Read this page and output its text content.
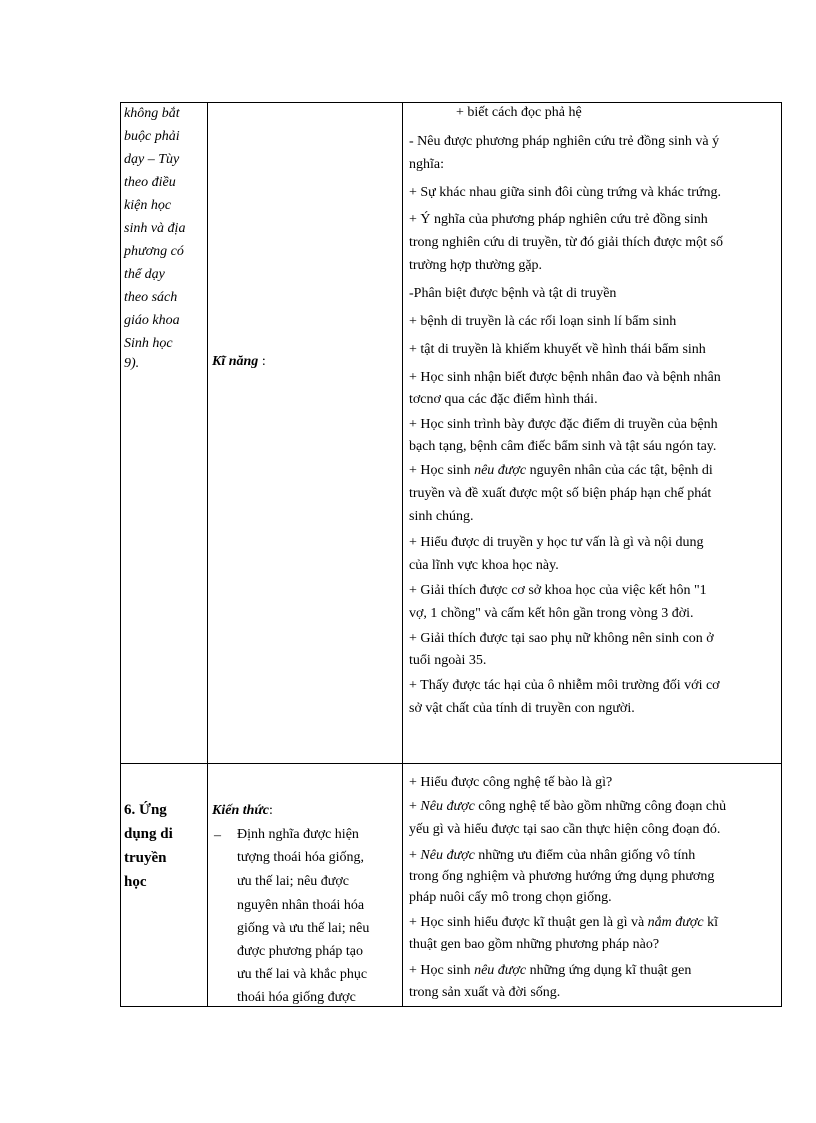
không bắt
buộc phải
dạy – Tùy
theo điều
kiện học
sinh và địa
phương có
thể dạy
theo sách
giáo khoa
Sinh học
9).
6. Ứng
dụng di
truyền
học
Kĩ năng :
Kiến thức:
– Định nghĩa được hiện
tượng thoái hóa giống,
ưu thế lai; nêu được
nguyên nhân thoái hóa
giống và ưu thế lai; nêu
được phương pháp tạo
ưu thế lai và khắc phục
thoái hóa giống được
+ biết cách đọc phả hệ
- Nêu được phương pháp nghiên cứu trẻ đồng sinh và ý
nghĩa:
+ Sự khác nhau giữa sinh đôi cùng trứng và khác trứng.
+ Ý nghĩa của phương pháp nghiên cứu trẻ đồng sinh
trong nghiên cứu di truyền, từ đó giải thích được một số
trường hợp thường gặp.
-Phân biệt được bệnh và tật di truyền
+ bệnh di truyền là các rối loạn sinh lí bẩm sinh
+ tật di truyền là khiếm khuyết về hình thái bẩm sinh
+ Học sinh nhận biết được bệnh nhân đao và bệnh nhân
tơcnơ qua các đặc điểm hình thái.
+ Học sinh trình bày được đặc điểm di truyền của bệnh
bạch tạng, bệnh câm điếc bẩm sinh và tật sáu ngón tay.
+ Học sinh nêu được nguyên nhân của các tật, bệnh di
truyền và đề xuất được một số biện pháp hạn chế phát
sinh chúng.
+ Hiểu được di truyền y học tư vấn là gì và nội dung
của lĩnh vực khoa học này.
+ Giải thích được cơ sở khoa học của việc kết hôn "1
vợ, 1 chồng" và cấm kết hôn gần trong vòng 3 đời.
+ Giải thích được tại sao phụ nữ không nên sinh con ở
tuổi ngoài 35.
+ Thấy được tác hại của ô nhiễm môi trường đối với cơ
sở vật chất của tính di truyền con người.
+ Hiểu được công nghệ tế bào là gì?
+ Nêu được công nghệ tế bào gồm những công đoạn chủ
yếu gì và hiểu được tại sao cần thực hiện công đoạn đó.
+ Nêu được những ưu điểm của nhân giống vô tính
trong ống nghiệm và phương hướng ứng dụng phương
pháp nuôi cấy mô trong chọn giống.
+ Học sinh hiểu được kĩ thuật gen là gì và nắm được kĩ
thuật gen bao gồm những phương pháp nào?
+ Học sinh nêu được những ứng dụng kĩ thuật gen
trong sản xuất và đời sống.
